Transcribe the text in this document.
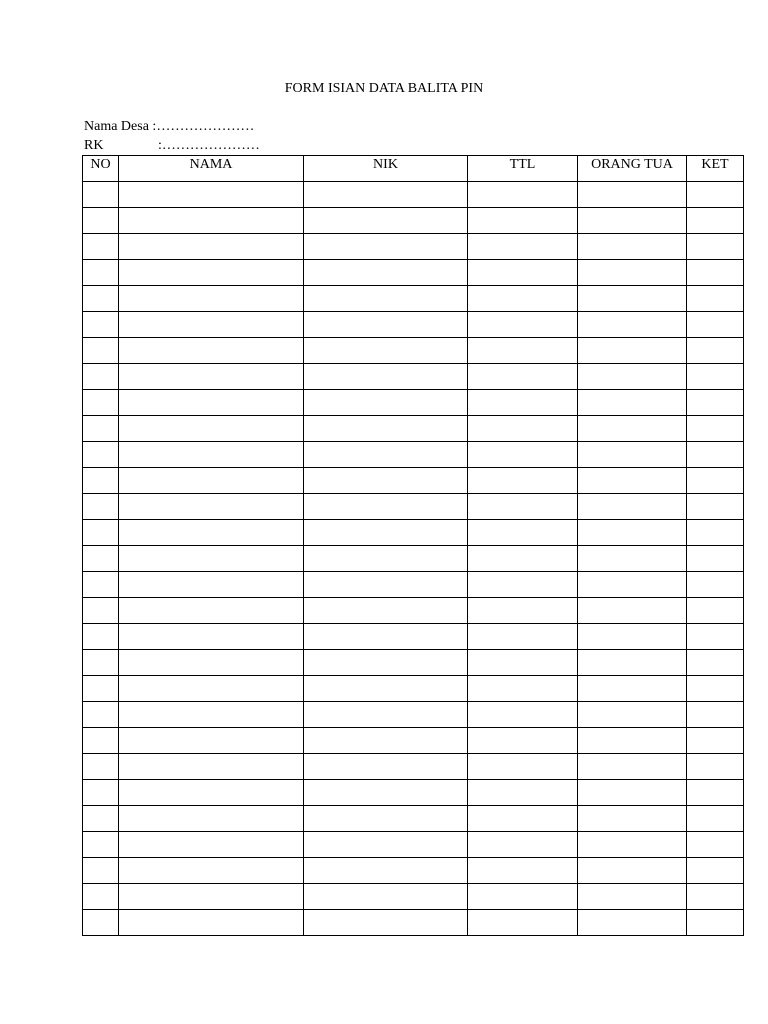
FORM ISIAN DATA BALITA PIN
Nama Desa :…………………
RK	:…………………
NO	NAMA	NIK	TTL	ORANG TUA	KET
